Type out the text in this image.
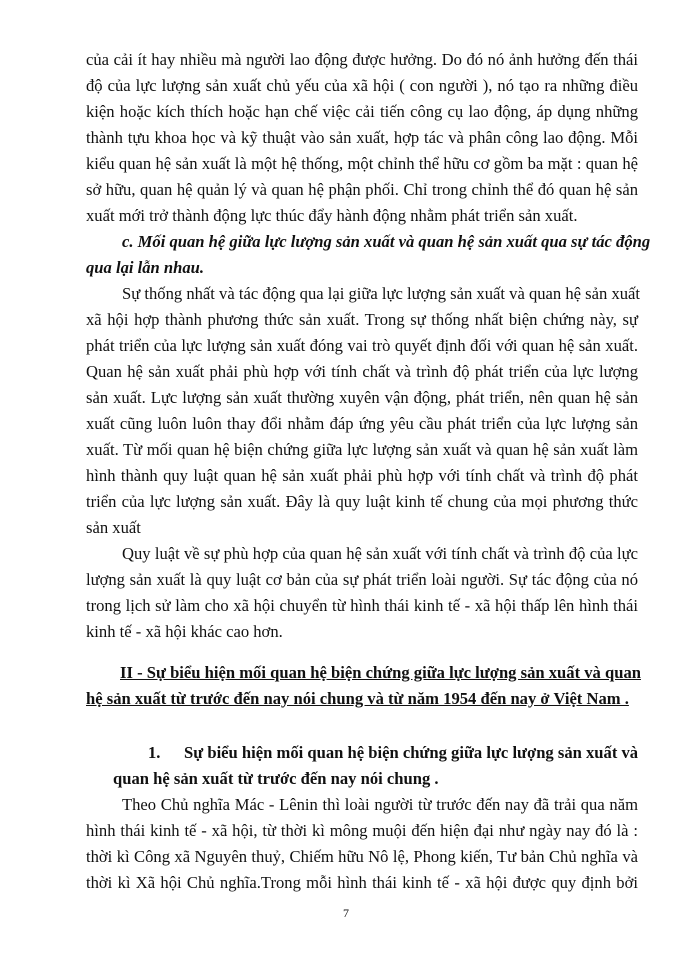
của cải ít hay nhiều mà người lao động được hưởng. Do đó nó ảnh hưởng đến thái
độ của lực lượng sản xuất chủ yếu của xã hội ( con người ), nó tạo ra những điều
kiện hoặc kích thích hoặc hạn chế việc cải tiến công cụ lao động, áp dụng những
thành tựu khoa học và kỹ thuật vào sản xuất, hợp tác và phân công lao động. Mỗi
kiểu quan hệ sản xuất là một hệ thống, một chỉnh thể hữu cơ gồm ba mặt : quan hệ
sở hữu, quan hệ quản lý và quan hệ phận phối. Chỉ trong chỉnh thể đó quan hệ sản
xuất mới trở thành động lực thúc đẩy hành động nhằm phát triển sản xuất.
c. Mối quan hệ giữa lực lượng sản xuất và quan hệ sản xuất qua sự tác động
qua lại lẫn nhau.
Sự thống nhất và tác động qua lại giữa lực lượng sản xuất và quan hệ sản xuất
xã hội hợp thành phương thức sản xuất. Trong sự thống nhất biện chứng này, sự
phát triển của lực lượng sản xuất đóng vai trò quyết định đối với quan hệ sản xuất.
Quan hệ sản xuất phải phù hợp với tính chất và trình độ phát triển của lực lượng
sản xuất. Lực lượng sản xuất thường xuyên vận động, phát triển, nên quan hệ sản
xuất cũng luôn luôn thay đổi nhằm đáp ứng yêu cầu phát triển của lực lượng sản
xuất. Từ mối quan hệ biện chứng giữa lực lượng sản xuất và quan hệ sản xuất làm
hình thành quy luật quan hệ sản xuất phải phù hợp với tính chất và trình độ phát
triển của lực lượng sản xuất. Đây là quy luật kinh tế chung của mọi phương thức
sản xuất
Quy luật về sự phù hợp của quan hệ sản xuất với tính chất và trình độ của lực
lượng sản xuất là quy luật cơ bản của sự phát triển loài người. Sự tác động của nó
trong lịch sử làm cho xã hội chuyển từ hình thái kinh tế - xã hội thấp lên hình thái
kinh tế - xã hội khác cao hơn.
II - Sự biểu hiện mối quan hệ biện chứng giữa lực lượng sản xuất và quan
hệ sản xuất từ trước đến nay nói chung và từ năm 1954 đến nay ở Việt Nam .
1. Sự biểu hiện mối quan hệ biện chứng giữa lực lượng sản xuất và
quan hệ sản xuất từ trước đến nay nói chung .
Theo Chủ nghĩa Mác - Lênin thì loài người từ trước đến nay đã trải qua năm
hình thái kinh tế - xã hội, từ thời kì mông muội đến hiện đại như ngày nay đó là :
thời kì Công xã Nguyên thuỷ, Chiếm hữu Nô lệ, Phong kiến, Tư bản Chủ nghĩa và
thời kì Xã hội Chủ nghĩa.Trong mỗi hình thái kinh tế - xã hội được quy định bởi
7
